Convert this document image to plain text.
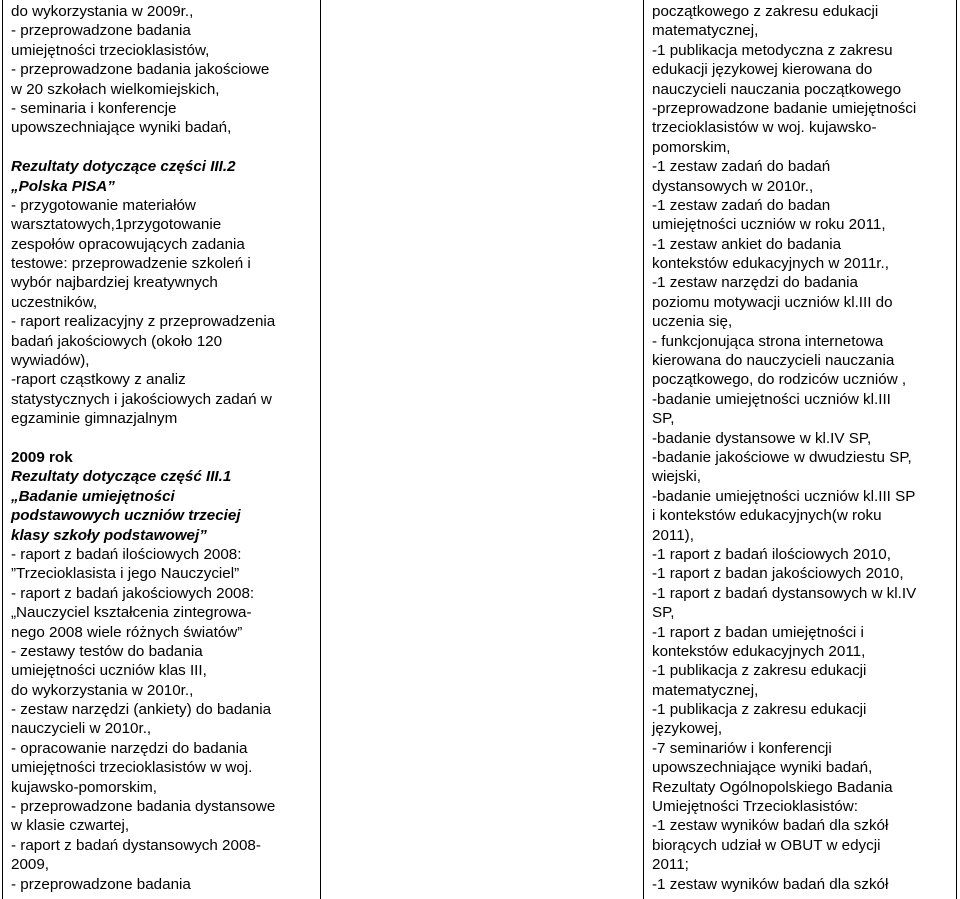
do wykorzystania w 2009r.,
- przeprowadzone badania
umiejętności trzecioklasistów,
- przeprowadzone badania jakościowe
w 20 szkołach wielkomiejskich,
- seminaria i konferencje
upowszechniające wyniki badań,
Rezultaty dotyczące części III.2
„Polska PISA”
- przygotowanie materiałów
warsztatowych,1przygotowanie
zespołów opracowujących zadania
testowe: przeprowadzenie szkoleń i
wybór najbardziej kreatywnych
uczestników,
- raport realizacyjny z przeprowadzenia
badań jakościowych (około 120
wywiadów),
-raport cząstkowy z analiz
statystycznych i jakościowych zadań w
egzaminie gimnazjalnym
2009 rok
Rezultaty dotyczące część III.1
„Badanie umiejętności
podstawowych uczniów trzeciej
klasy szkoły podstawowej”
- raport z badań ilościowych 2008:
”Trzecioklasista i jego Nauczyciel”
- raport z badań jakościowych 2008:
„Nauczyciel kształcenia zintegrowa-
nego 2008 wiele różnych światów”
- zestawy testów do badania
umiejętności uczniów klas III,
do wykorzystania w 2010r.,
- zestaw narzędzi (ankiety) do badania
nauczycieli w 2010r.,
- opracowanie narzędzi do badania
umiejętności trzecioklasistów w woj.
kujawsko-pomorskim,
- przeprowadzone badania dystansowe
w klasie czwartej,
- raport z badań dystansowych 2008-
2009,
- przeprowadzone badania
początkowego z zakresu edukacji
matematycznej,
-1 publikacja metodyczna z zakresu
edukacji językowej kierowana do
nauczycieli nauczania początkowego
-przeprowadzone badanie umiejętności
trzecioklasistów w woj. kujawsko-
pomorskim,
-1 zestaw zadań do badań
dystansowych w 2010r.,
-1 zestaw zadań do badan
umiejętności uczniów w roku 2011,
-1 zestaw ankiet do badania
kontekstów edukacyjnych w 2011r.,
-1 zestaw narzędzi do badania
poziomu motywacji uczniów kl.III do
uczenia się,
- funkcjonująca strona internetowa
kierowana do nauczycieli nauczania
początkowego, do rodziców uczniów ,
-badanie umiejętności uczniów kl.III
SP,
-badanie dystansowe w kl.IV SP,
-badanie jakościowe w dwudziestu SP,
wiejski,
-badanie umiejętności uczniów kl.III SP
i kontekstów edukacyjnych(w roku
2011),
-1 raport z badań ilościowych 2010,
-1 raport z badan jakościowych 2010,
-1 raport z badań dystansowych w kl.IV
SP,
-1 raport z badan umiejętności i
kontekstów edukacyjnych 2011,
-1 publikacja z zakresu edukacji
matematycznej,
-1 publikacja z zakresu edukacji
językowej,
-7 seminariów i konferencji
upowszechniające wyniki badań,
Rezultaty Ogólnopolskiego Badania
Umiejętności Trzecioklasistów:
-1 zestaw wyników badań dla szkół
biorących udział w OBUT w edycji
2011;
-1 zestaw wyników badań dla szkół
